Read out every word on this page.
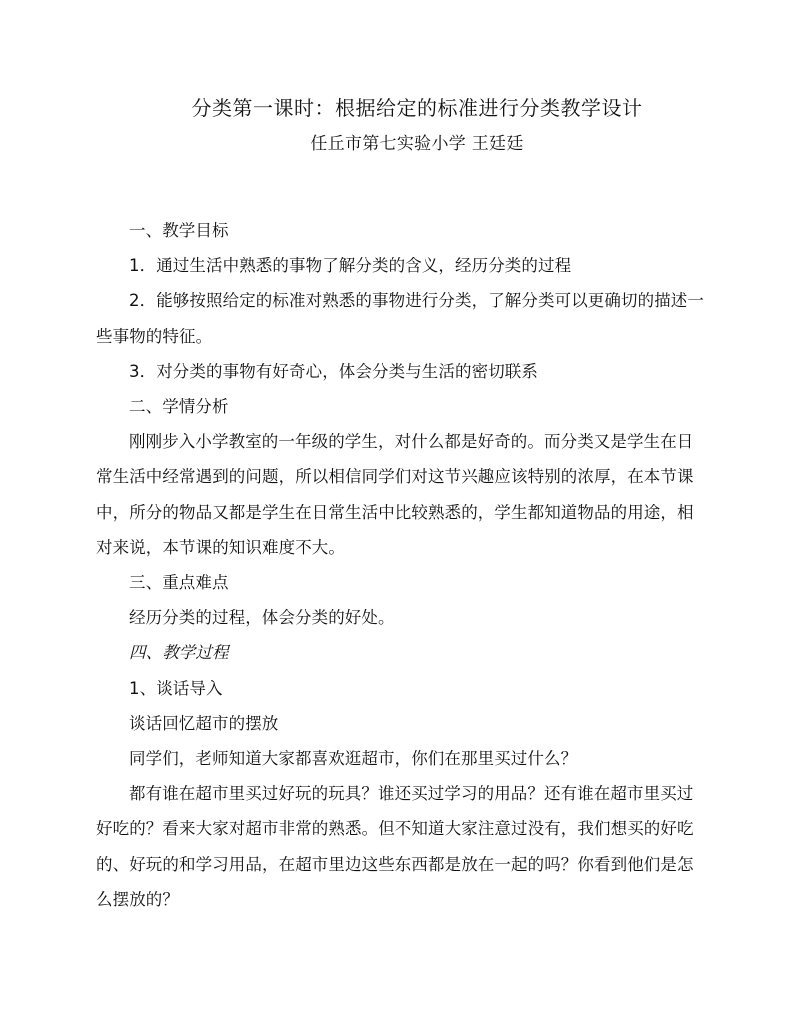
分类第一课时：根据给定的标准进行分类教学设计
任丘市第七实验小学 王廷廷

一、教学目标

1．通过生活中熟悉的事物了解分类的含义，经历分类的过程

2．能够按照给定的标准对熟悉的事物进行分类，了解分类可以更确切的描述一些事物的特征。

3．对分类的事物有好奇心，体会分类与生活的密切联系

二、学情分析

刚刚步入小学教室的一年级的学生，对什么都是好奇的。而分类又是学生在日常生活中经常遇到的问题，所以相信同学们对这节兴趣应该特别的浓厚，在本节课中，所分的物品又都是学生在日常生活中比较熟悉的，学生都知道物品的用途，相对来说，本节课的知识难度不大。

三、重点难点

经历分类的过程，体会分类的好处。

四、教学过程

1、谈话导入

谈话回忆超市的摆放

同学们，老师知道大家都喜欢逛超市，你们在那里买过什么？

都有谁在超市里买过好玩的玩具？谁还买过学习的用品？还有谁在超市里买过好吃的？看来大家对超市非常的熟悉。但不知道大家注意过没有，我们想买的好吃的、好玩的和学习用品，在超市里边这些东西都是放在一起的吗？你看到他们是怎么摆放的？
